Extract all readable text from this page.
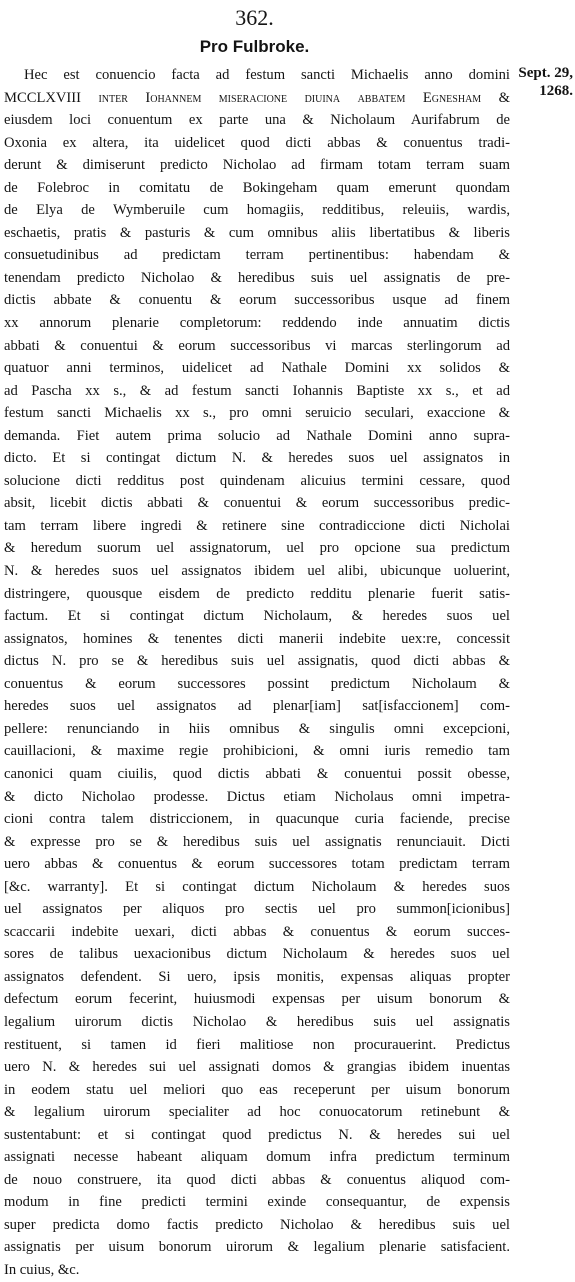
362.
Pro Fulbroke.
Sept. 29,
1268.
Hec est conuencio facta ad festum sancti Michaelis anno domini
MCCLXVIII inter Iohannem miseracione diuina abbatem Egnesham &
eiusdem loci conuentum ex parte una & Nicholaum Aurifabrum de
Oxonia ex altera, ita uidelicet quod dicti abbas & conuentus tradi-
derunt & dimiserunt predicto Nicholao ad firmam totam terram suam
de Folebroc in comitatu de Bokingeham quam emerunt quondam
de Elya de Wymberuile cum homagiis, redditibus, releuiis, wardis,
eschaetis, pratis & pasturis & cum omnibus aliis libertatibus & liberis
consuetudinibus ad predictam terram pertinentibus: habendam &
tenendam predicto Nicholao & heredibus suis uel assignatis de pre-
dictis abbate & conuentu & eorum successoribus usque ad finem
xx annorum plenarie completorum: reddendo inde annuatim dictis
abbati & conuentui & eorum successoribus vi marcas sterlingorum ad
quatuor anni terminos, uidelicet ad Nathale Domini xx solidos &
ad Pascha xx s., & ad festum sancti Iohannis Baptiste xx s., et ad
festum sancti Michaelis xx s., pro omni seruicio seculari, exaccione &
demanda. Fiet autem prima solucio ad Nathale Domini anno supra-
dicto. Et si contingat dictum N. & heredes suos uel assignatos in
solucione dicti redditus post quindenam alicuius termini cessare, quod
absit, licebit dictis abbati & conuentui & eorum successoribus predic-
tam terram libere ingredi & retinere sine contradiccione dicti Nicholai
& heredum suorum uel assignatorum, uel pro opcione sua predictum
N. & heredes suos uel assignatos ibidem uel alibi, ubicunque uoluerint,
distringere, quousque eisdem de predicto redditu plenarie fuerit satis-
factum. Et si contingat dictum Nicholaum, & heredes suos uel
assignatos, homines & tenentes dicti manerii indebite uex:re, concessit
dictus N. pro se & heredibus suis uel assignatis, quod dicti abbas &
conuentus & eorum successores possint predictum Nicholaum &
heredes suos uel assignatos ad plenar[iam] sat[isfaccionem] com-
pellere: renunciando in hiis omnibus & singulis omni excepcioni,
cauillacioni, & maxime regie prohibicioni, & omni iuris remedio tam
canonici quam ciuilis, quod dictis abbati & conuentui possit obesse,
& dicto Nicholao prodesse. Dictus etiam Nicholaus omni impetra-
cioni contra talem districcionem, in quacunque curia faciende, precise
& expresse pro se & heredibus suis uel assignatis renunciauit. Dicti
uero abbas & conuentus & eorum successores totam predictam terram
[&c. warranty]. Et si contingat dictum Nicholaum & heredes suos
uel assignatos per aliquos pro sectis uel pro summon[icionibus]
scaccarii indebite uexari, dicti abbas & conuentus & eorum succes-
sores de talibus uexacionibus dictum Nicholaum & heredes suos uel
assignatos defendent. Si uero, ipsis monitis, expensas aliquas propter
defectum eorum fecerint, huiusmodi expensas per uisum bonorum &
legalium uirorum dictis Nicholao & heredibus suis uel assignatis
restituent, si tamen id fieri malitiose non procurauerint. Predictus
uero N. & heredes sui uel assignati domos & grangias ibidem inuentas
in eodem statu uel meliori quo eas receperunt per uisum bonorum
& legalium uirorum specialiter ad hoc conuocatorum retinebunt &
sustentabunt: et si contingat quod predictus N. & heredes sui uel
assignati necesse habeant aliquam domum infra predictum terminum
de nouo construere, ita quod dicti abbas & conuentus aliquod com-
modum in fine predicti termini exinde consequantur, de expensis
super predicta domo factis predicto Nicholao & heredibus suis uel
assignatis per uisum bonorum uirorum & legalium plenarie satisfacient.
In cuius, &c.
